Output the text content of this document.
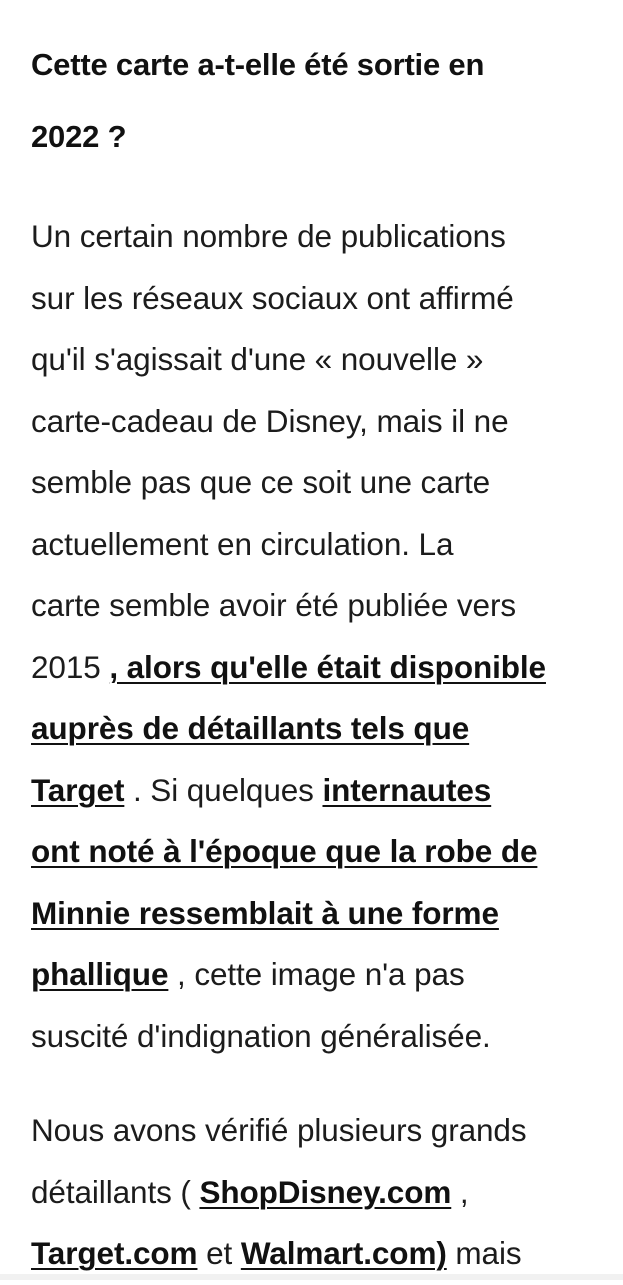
Cette carte a-t-elle été sortie en
2022 ?

Un certain nombre de publications
sur les réseaux sociaux ont affirmé
qu'il s'agissait d'une « nouvelle »
carte-cadeau de Disney, mais il ne
semble pas que ce soit une carte
actuellement en circulation. La
carte semble avoir été publiée vers
2015 , alors qu'elle était disponible
auprès de détaillants tels que
Target . Si quelques internautes
ont noté à l'époque que la robe de
Minnie ressemblait à une forme
phallique , cette image n'a pas
suscité d'indignation généralisée.

Nous avons vérifié plusieurs grands
détaillants ( ShopDisney.com ,
Target.com et Walmart.com) mais
